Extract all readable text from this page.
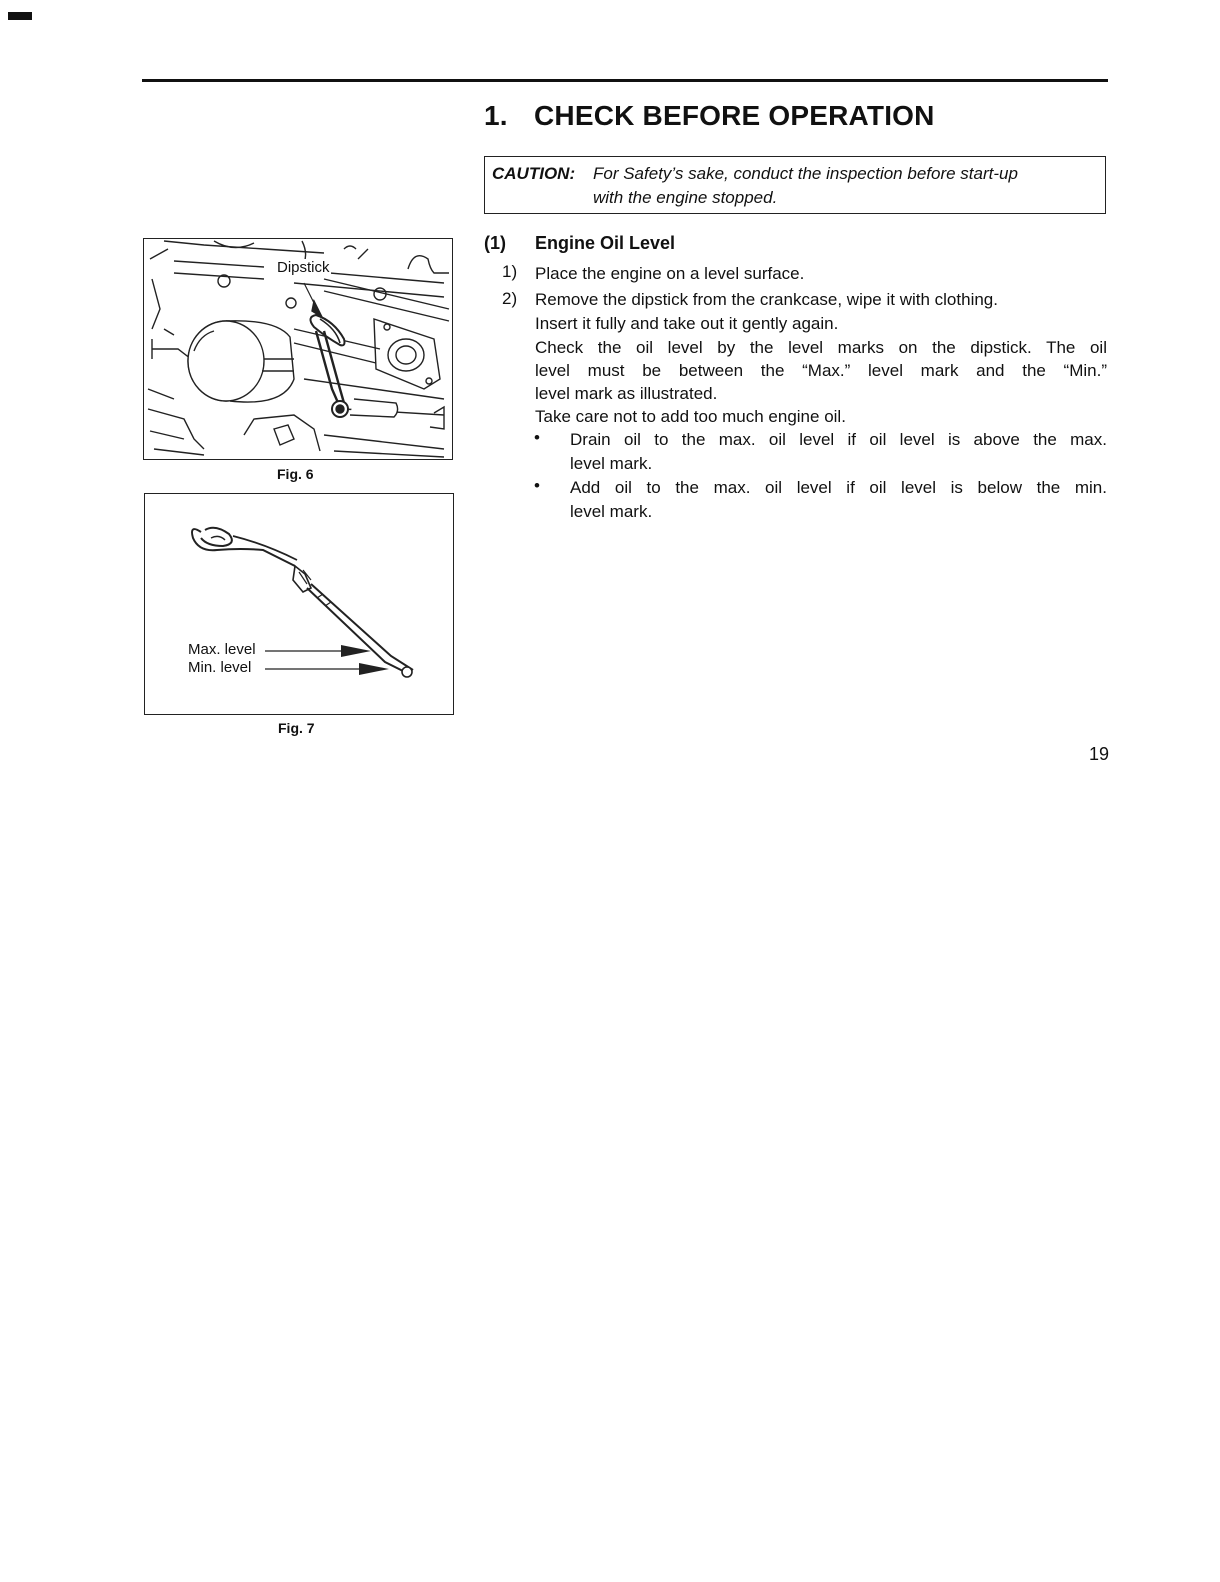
1. CHECK BEFORE OPERATION
CAUTION: For Safety’s sake, conduct the inspection before start-up
with the engine stopped.
(1) Engine Oil Level
1) Place the engine on a level surface.
2) Remove the dipstick from the crankcase, wipe it with clothing.
Insert it fully and take out it gently again.
Check the oil level by the level marks on the dipstick. The oil
level must be between the “Max.” level mark and the “Min.”
level mark as illustrated.
Take care not to add too much engine oil.
• Drain oil to the max. oil level if oil level is above the max.
level mark.
• Add oil to the max. oil level if oil level is below the min.
level mark.
Dipstick
Fig. 6
Max. level
Min. level
Fig. 7
19
